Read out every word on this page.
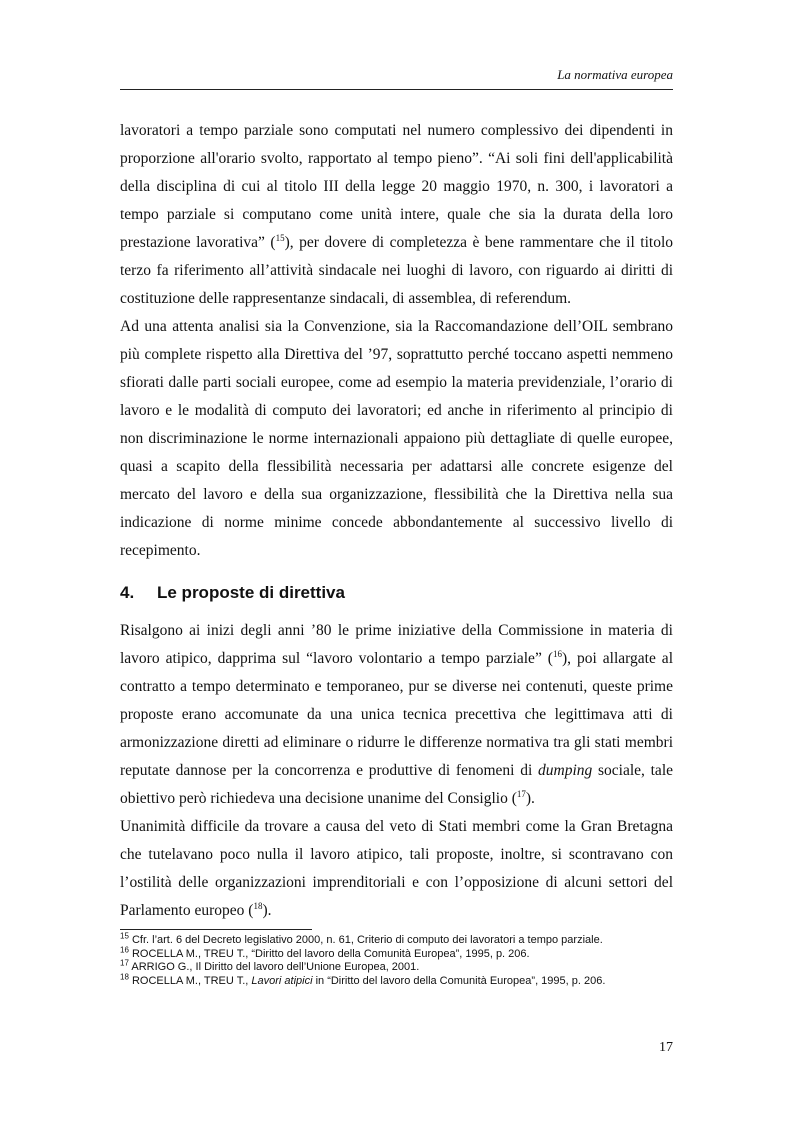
La normativa europea

lavoratori a tempo parziale sono computati nel numero complessivo dei dipendenti in proporzione all'orario svolto, rapportato al tempo pieno”. “Ai soli fini dell'applicabilità della disciplina di cui al titolo III della legge 20 maggio 1970, n. 300, i lavoratori a tempo parziale si computano come unità intere, quale che sia la durata della loro prestazione lavorativa” ($^{15}$), per dovere di completezza è bene rammentare che il titolo terzo fa riferimento all’attività sindacale nei luoghi di lavoro, con riguardo ai diritti di costituzione delle rappresentanze sindacali, di assemblea, di referendum.

Ad una attenta analisi sia la Convenzione, sia la Raccomandazione dell’OIL sembrano più complete rispetto alla Direttiva del ’97, soprattutto perché toccano aspetti nemmeno sfiorati dalle parti sociali europee, come ad esempio la materia previdenziale, l’orario di lavoro e le modalità di computo dei lavoratori; ed anche in riferimento al principio di non discriminazione le norme internazionali appaiono più dettagliate di quelle europee, quasi a scapito della flessibilità necessaria per adattarsi alle concrete esigenze del mercato del lavoro e della sua organizzazione, flessibilità che la Direttiva nella sua indicazione di norme minime concede abbondantemente al successivo livello di recepimento.

4. Le proposte di direttiva

Risalgono ai inizi degli anni ’80 le prime iniziative della Commissione in materia di lavoro atipico, dapprima sul “lavoro volontario a tempo parziale” ($^{16}$), poi allargate al contratto a tempo determinato e temporaneo, pur se diverse nei contenuti, queste prime proposte erano accomunate da una unica tecnica precettiva che legittimava atti di armonizzazione diretti ad eliminare o ridurre le differenze normativa tra gli stati membri reputate dannose per la concorrenza e produttive di fenomeni di dumping sociale, tale obiettivo però richiedeva una decisione unanime del Consiglio ($^{17}$).

Unanimità difficile da trovare a causa del veto di Stati membri come la Gran Bretagna che tutelavano poco nulla il lavoro atipico, tali proposte, inoltre, si scontravano con l’ostilità delle organizzazioni imprenditoriali e con l’opposizione di alcuni settori del Parlamento europeo ($^{18}$).

$^{15}$ Cfr. l’art. 6 del Decreto legislativo 2000, n. 61, Criterio di computo dei lavoratori a tempo parziale.
$^{16}$ ROCELLA M., TREU T., “Diritto del lavoro della Comunità Europea”, 1995, p. 206.
$^{17}$ ARRIGO G., Il Diritto del lavoro dell’Unione Europea, 2001.
$^{18}$ ROCELLA M., TREU T., Lavori atipici in “Diritto del lavoro della Comunità Europea”, 1995, p. 206.
17
